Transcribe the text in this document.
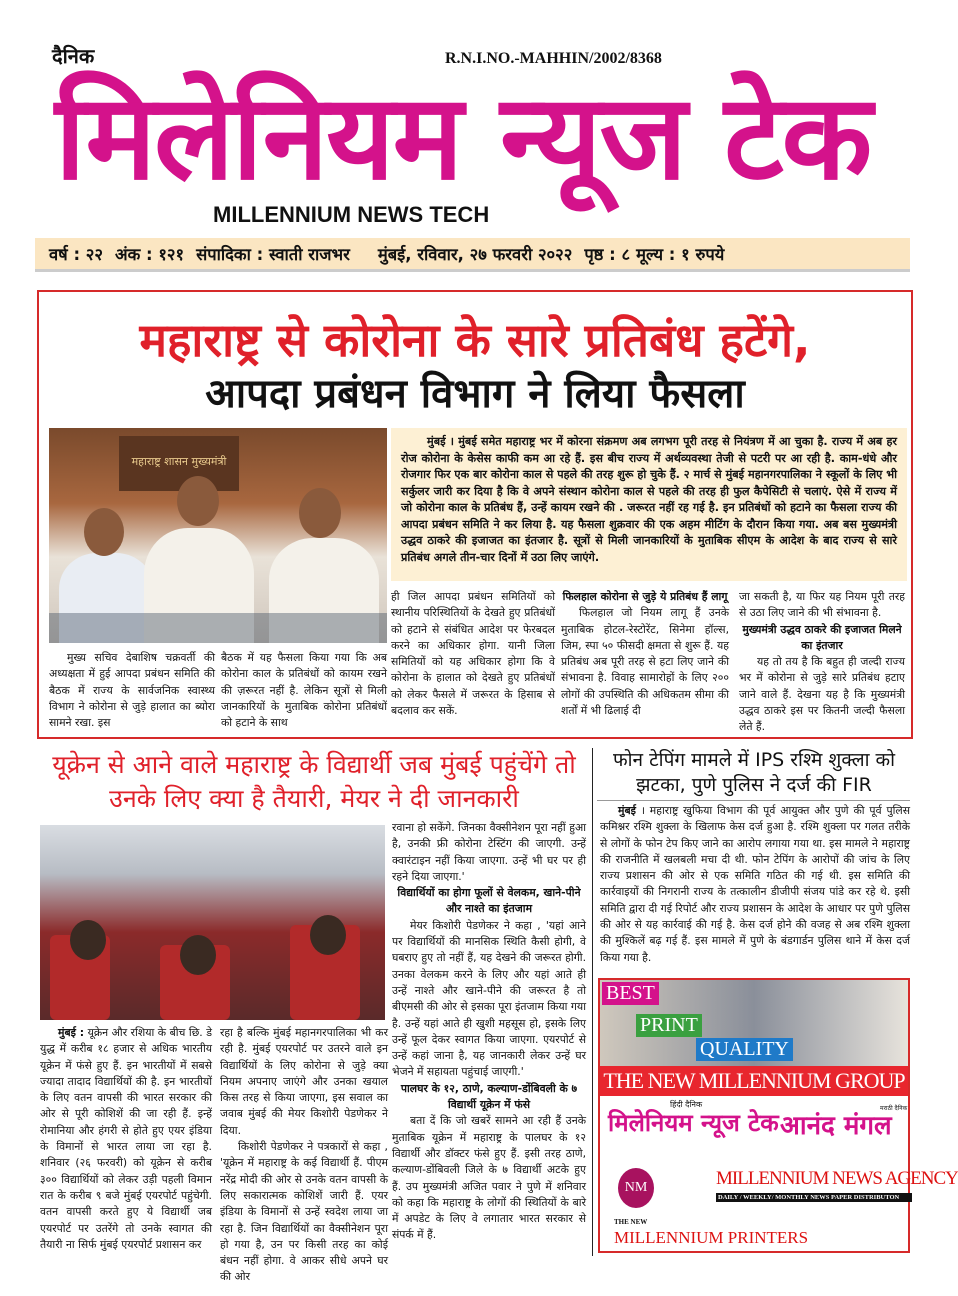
दैनिक	R.N.I.NO.-MAHHIN/2002/8368
मिलेनियम न्यूज टेक
MILLENNIUM NEWS TECH
वर्ष : २२ अंक : १२१ संपादिका : स्वाती राजभर मुंबई, रविवार, २७ फरवरी २०२२ पृष्ठ : ८ मूल्य : १ रुपये
महाराष्ट्र से कोरोना के सारे प्रतिबंध हटेंगे,
आपदा प्रबंधन विभाग ने लिया फैसला
महाराष्ट्र शासन मुख्यमंत्री
मुंबई । मुंबई समेत महाराष्ट्र भर में कोरना संक्रमण अब लगभग पूरी तरह से नियंत्रण में आ चुका है. राज्य में अब हर रोज कोरोना के केसेस काफी कम आ रहे हैं. इस बीच राज्य में अर्थव्यवस्था तेजी से पटरी पर आ रही है. काम-धंधे और रोजगार फिर एक बार कोरोना काल से पहले की तरह शुरू हो चुके हैं. २ मार्च से मुंबई महानगरपालिका ने स्कूलों के लिए भी सर्कुलर जारी कर दिया है कि वे अपने संस्थान कोरोना काल से पहले की तरह ही फुल कैपेसिटी से चलाएं. ऐसे में राज्य में जो कोरोना काल के प्रतिबंध हैं, उन्हें कायम रखने की . जरूरत नहीं रह गई है. इन प्रतिबंधों को हटाने का फैसला राज्य की आपदा प्रबंधन समिति ने कर लिया है. यह फैसला शुक्रवार की एक अहम मीटिंग के दौरान किया गया. अब बस मुख्यमंत्री उद्धव ठाकरे की इजाजत का इंतजार है. सूत्रों से मिली जानकारियों के मुताबिक सीएम के आदेश के बाद राज्य से सारे प्रतिबंध अगले तीन-चार दिनों में उठा लिए जाएंगे.
मुख्य सचिव देबाशिष चक्रवर्ती की अध्यक्षता में हुई आपदा प्रबंधन समिति की बैठक में राज्य के सार्वजनिक स्वास्थ्य विभाग ने कोरोना से जुड़े हालात का ब्योरा सामने रखा. इस
बैठक में यह फैसला किया गया कि अब कोरोना काल के प्रतिबंधों को कायम रखने की ज़रूरत नहीं है. लेकिन सूत्रों से मिली जानकारियों के मुताबिक कोरोना प्रतिबंधों को हटाने के साथ
ही जिल आपदा प्रबंधन समितियों को स्थानीय परिस्थितियों के देखते हुए प्रतिबंधों को हटाने से संबंधित आदेश पर फेरबदल करने का अधिकार होगा. यानी जिला समितियों को यह अधिकार होगा कि वे कोरोना के हालात को देखते हुए प्रतिबंधों को लेकर फैसले में जरूरत के हिसाब से बदलाव कर सकें.
फिलहाल कोरोना से जुड़े ये प्रतिबंध हैं लागू
फिलहाल जो नियम लागू हैं उनके मुताबिक होटल-रेस्टोरेंट, सिनेमा हॉल्स, जिम, स्पा ५० फीसदी क्षमता से शुरू हैं. यह प्रतिबंध अब पूरी तरह से हटा लिए जाने की संभावना है. विवाह सामारोहों के लिए २०० लोगों की उपस्थिति की अधिकतम सीमा की शर्तों में भी ढिलाई दी
जा सकती है, या फिर यह नियम पूरी तरह से उठा लिए जाने की भी संभावना है.
मुख्यमंत्री उद्धव ठाकरे की इजाजत मिलने का इंतजार
यह तो तय है कि बहुत ही जल्दी राज्य भर में कोरोना से जुड़े सारे प्रतिबंध हटाए जाने वाले हैं. देखना यह है कि मुख्यमंत्री उद्धव ठाकरे इस पर कितनी जल्दी फैसला लेते हैं.
यूक्रेन से आने वाले महाराष्ट्र के विद्यार्थी जब मुंबई पहुंचेंगे तो उनके लिए क्या है तैयारी, मेयर ने दी जानकारी
मुंबई : यूक्रेन और रशिया के बीच छि. डे युद्ध में करीब १८ हजार से अधिक भारतीय यूक्रेन में फंसे हुए हैं. इन भारतीयों में सबसे ज्यादा तादाद विद्यार्थियों की है. इन भारतीयों के लिए वतन वापसी की भारत सरकार की ओर से पूरी कोशिशें की जा रही हैं. इन्हें रोमानिया और हंगरी से होते हुए एयर इंडिया के विमानों से भारत लाया जा रहा है. शनिवार (२६ फरवरी) को यूक्रेन से करीब ३०० विद्यार्थियों को लेकर उड़ी पहली विमान रात के करीब ९ बजे मुंबई एयरपोर्ट पहुंचेगी. वतन वापसी करते हुए ये विद्यार्थी जब एयरपोर्ट पर उतरेंगे तो उनके स्वागत की तैयारी ना सिर्फ मुंबई एयरपोर्ट प्रशासन कर
रहा है बल्कि मुंबई महानगरपालिका भी कर रही है. मुंबई एयरपोर्ट पर उतरने वाले इन विद्यार्थियों के लिए कोरोना से जुड़े क्या नियम अपनाए जाएंगे और उनका खयाल किस तरह से किया जाएगा, इस सवाल का जवाब मुंबई की मेयर किशोरी पेडणेकर ने दिया.
किशोरी पेडणेकर ने पत्रकारों से कहा , 'यूक्रेन में महाराष्ट्र के कई विद्यार्थी हैं. पीएम नरेंद्र मोदी की ओर से उनके वतन वापसी के लिए सकारात्मक कोशिशें जारी हैं. एयर इंडिया के विमानों से उन्हें स्वदेश लाया जा रहा है. जिन विद्यार्थियों का वैक्सीनेशन पूरा हो गया है, उन पर किसी तरह का कोई बंधन नहीं होगा. वे आकर सीधे अपने घर की ओर
रवाना हो सकेंगे. जिनका वैक्सीनेशन पूरा नहीं हुआ है, उनकी फ्री कोरोना टेस्टिंग की जाएगी. उन्हें क्वारंटाइन नहीं किया जाएगा. उन्हें भी घर पर ही रहने दिया जाएगा.'
विद्यार्थियों का होगा फूलों से वेलकम, खाने-पीने और नाश्ते का इंतजाम
मेयर किशोरी पेडणेकर ने कहा , 'यहां आने पर विद्यार्थियों की मानसिक स्थिति कैसी होगी, वे घबराए हुए तो नहीं हैं, यह देखने की जरूरत होगी. उनका वेलकम करने के लिए और यहां आते ही उन्हें नाश्ते और खाने-पीने की जरूरत है तो बीएमसी की ओर से इसका पूरा इंतजाम किया गया है. उन्हें यहां आते ही खुशी महसूस हो, इसके लिए उन्हें फूल देकर स्वागत किया जाएगा. एयरपोर्ट से उन्हें कहां जाना है, यह जानकारी लेकर उन्हें घर भेजने में सहायता पहुंचाई जाएगी.'
पालघर के १२, ठाणे, कल्याण-डोंबिवली के ७ विद्यार्थी यूक्रेन में फंसे
बता दें कि जो खबरें सामने आ रही हैं उनके मुताबिक यूक्रेन में महाराष्ट्र के पालघर के १२ विद्यार्थी और डॉक्टर फंसे हुए हैं. इसी तरह ठाणे, कल्याण-डोंबिवली जिले के ७ विद्यार्थी अटके हुए हैं. उप मुख्यमंत्री अजित पवार ने पुणे में शनिवार को कहा कि महाराष्ट्र के लोगों की स्थितियों के बारे में अपडेट के लिए वे लगातार भारत सरकार से संपर्क में हैं.
फोन टेपिंग मामले में IPS रश्मि शुक्ला को झटका, पुणे पुलिस ने दर्ज की FIR
मुंबई । महाराष्ट्र खुफिया विभाग की पूर्व आयुक्त और पुणे की पूर्व पुलिस कमिश्नर रश्मि शुक्ला के खिलाफ केस दर्ज हुआ है. रश्मि शुक्ला पर गलत तरीके से लोगों के फोन टेप किए जाने का आरोप लगाया गया था. इस मामले ने महाराष्ट्र की राजनीति में खलबली मचा दी थी. फोन टेपिंग के आरोपों की जांच के लिए राज्य प्रशासन की ओर से एक समिति गठित की गई थी. इस समिति की कार्रवाइयों की निगरानी राज्य के तत्कालीन डीजीपी संजय पांडे कर रहे थे. इसी समिति द्वारा दी गई रिपोर्ट और राज्य प्रशासन के आदेश के आधार पर पुणे पुलिस की ओर से यह कार्रवाई की गई है. केस दर्ज होने की वजह से अब रश्मि शुक्ला की मुश्किलें बढ़ गई हैं. इस मामले में पुणे के बंडगार्डन पुलिस थाने में केस दर्ज किया गया है.
BEST
PRINT
QUALITY
THE NEW MILLENNIUM GROUP
हिंदी दैनिक
मिलेनियम न्यूज टेक
मराठी दैनिक
आनंद मंगल
NM	MILLENNIUM NEWS AGENCY
DAILY / WEEKLY/ MONTHLY NEWS PAPER DISTRIBUTON
THE NEW
MILLENNIUM PRINTERS
